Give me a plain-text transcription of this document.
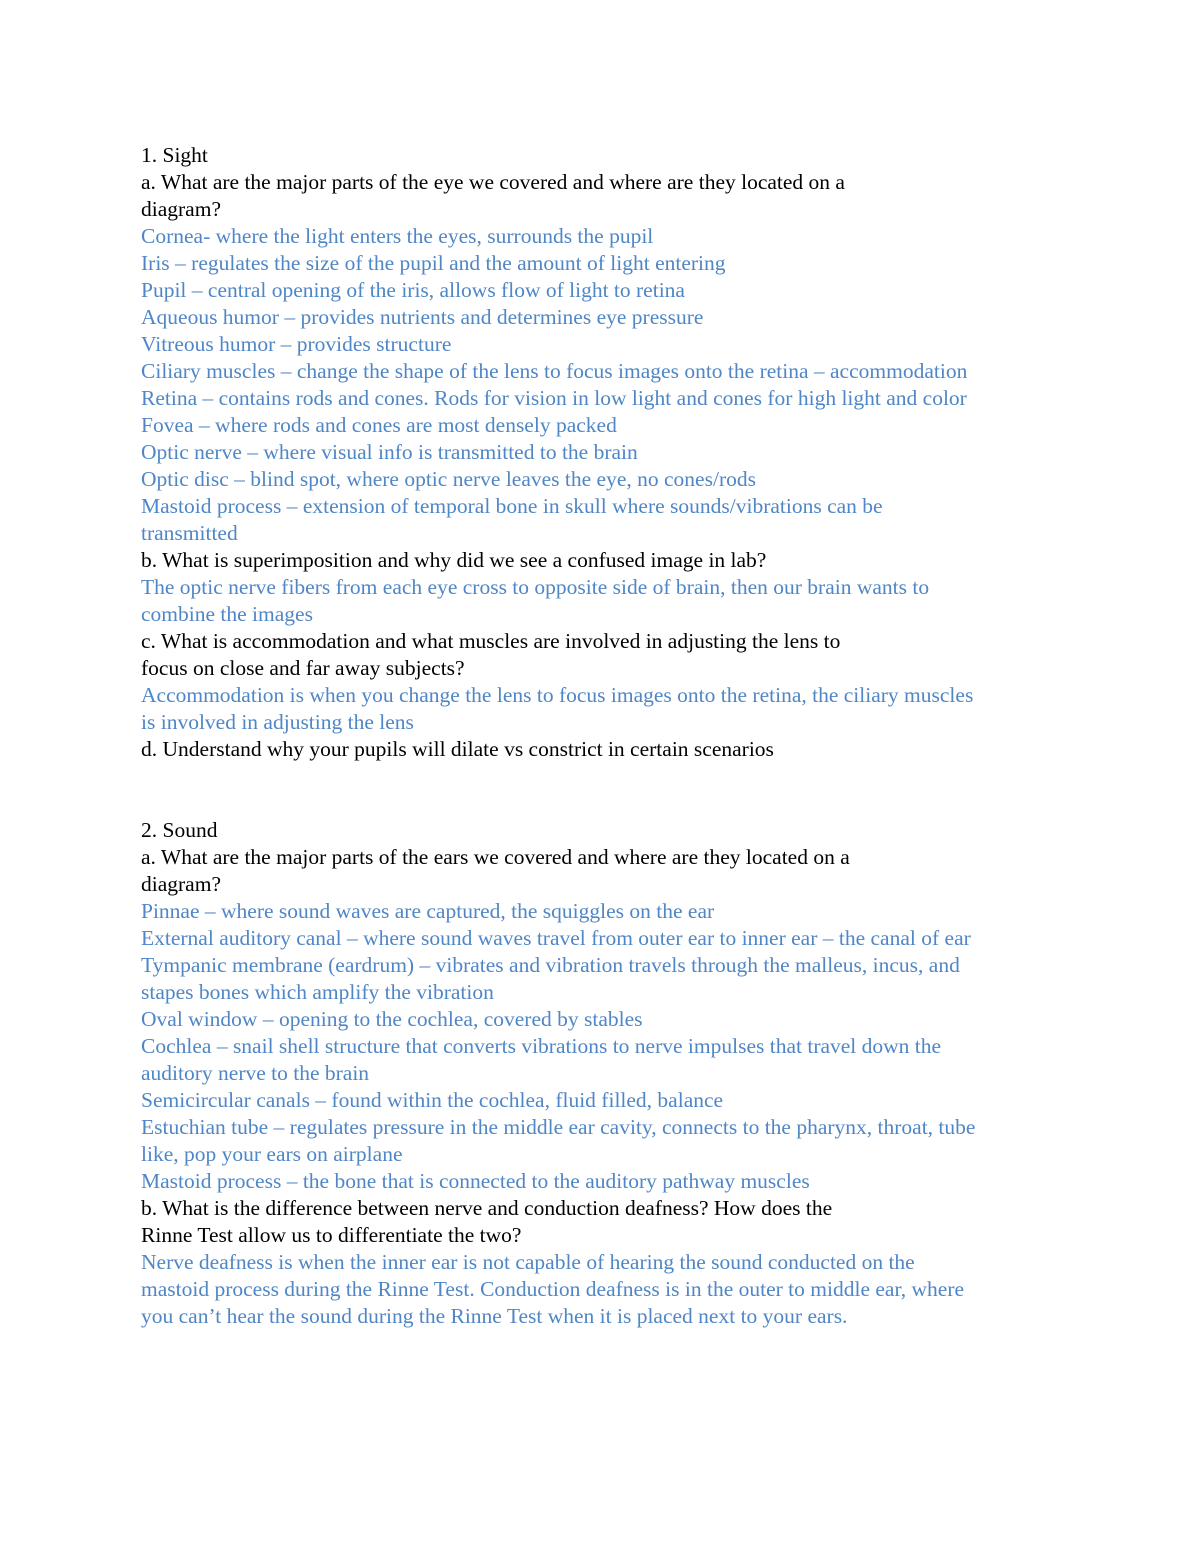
1. Sight
a. What are the major parts of the eye we covered and where are they located on a
diagram?
Cornea- where the light enters the eyes, surrounds the pupil
Iris – regulates the size of the pupil and the amount of light entering
Pupil – central opening of the iris, allows flow of light to retina
Aqueous humor – provides nutrients and determines eye pressure
Vitreous humor – provides structure
Ciliary muscles – change the shape of the lens to focus images onto the retina – accommodation
Retina – contains rods and cones. Rods for vision in low light and cones for high light and color
Fovea – where rods and cones are most densely packed
Optic nerve – where visual info is transmitted to the brain
Optic disc – blind spot, where optic nerve leaves the eye, no cones/rods
Mastoid process – extension of temporal bone in skull where sounds/vibrations can be
transmitted
b. What is superimposition and why did we see a confused image in lab?
The optic nerve fibers from each eye cross to opposite side of brain, then our brain wants to
combine the images
c. What is accommodation and what muscles are involved in adjusting the lens to
focus on close and far away subjects?
Accommodation is when you change the lens to focus images onto the retina, the ciliary muscles
is involved in adjusting the lens
d. Understand why your pupils will dilate vs constrict in certain scenarios
2. Sound
a. What are the major parts of the ears we covered and where are they located on a
diagram?
Pinnae – where sound waves are captured, the squiggles on the ear
External auditory canal – where sound waves travel from outer ear to inner ear – the canal of ear
Tympanic membrane (eardrum) – vibrates and vibration travels through the malleus, incus, and
stapes bones which amplify the vibration
Oval window – opening to the cochlea, covered by stables
Cochlea – snail shell structure that converts vibrations to nerve impulses that travel down the
auditory nerve to the brain
Semicircular canals – found within the cochlea, fluid filled, balance
Estuchian tube – regulates pressure in the middle ear cavity, connects to the pharynx, throat, tube
like, pop your ears on airplane
Mastoid process – the bone that is connected to the auditory pathway muscles
b. What is the difference between nerve and conduction deafness? How does the
Rinne Test allow us to differentiate the two?
Nerve deafness is when the inner ear is not capable of hearing the sound conducted on the
mastoid process during the Rinne Test. Conduction deafness is in the outer to middle ear, where
you can’t hear the sound during the Rinne Test when it is placed next to your ears.
